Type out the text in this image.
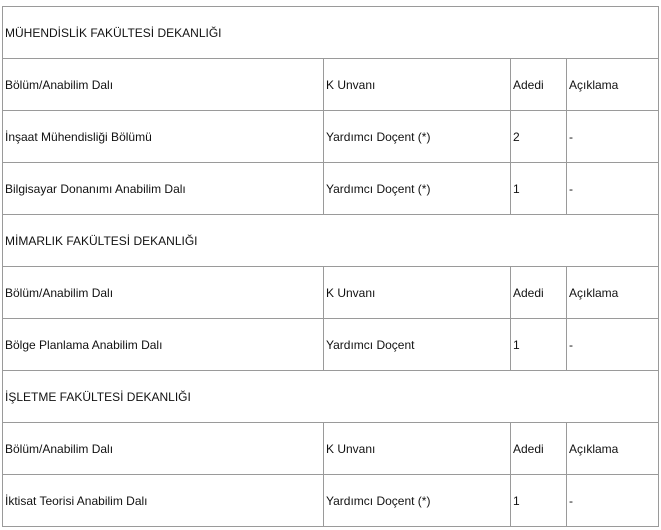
MÜHENDİSLİK FAKÜLTESİ DEKANLIĞI			
Bölüm/Anabilim Dalı	K Unvanı	Adedi	Açıklama
İnşaat Mühendisliği Bölümü	Yardımcı Doçent (*)	2	-
Bilgisayar Donanımı Anabilim Dalı	Yardımcı Doçent (*)	1	-
MİMARLIK FAKÜLTESİ DEKANLIĞI			
Bölüm/Anabilim Dalı	K Unvanı	Adedi	Açıklama
Bölge Planlama Anabilim Dalı	Yardımcı Doçent	1	-
İŞLETME FAKÜLTESİ DEKANLIĞI			
Bölüm/Anabilim Dalı	K Unvanı	Adedi	Açıklama
İktisat Teorisi Anabilim Dalı	Yardımcı Doçent (*)	1	-
